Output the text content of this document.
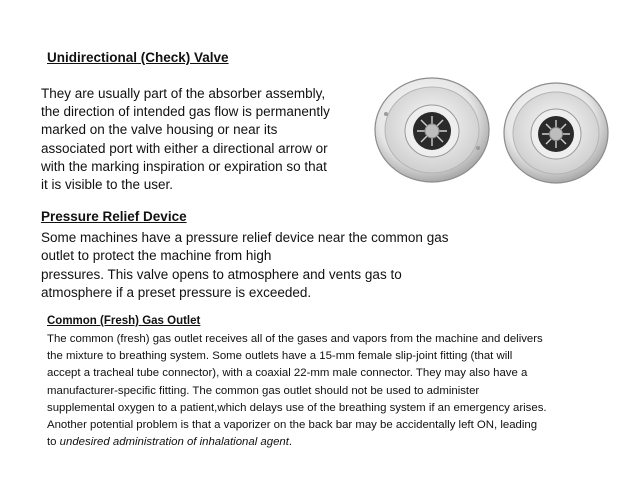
Unidirectional (Check) Valve
They are usually part of the absorber assembly,
the direction of intended gas flow is permanently
marked on the valve housing or near its
associated port with either a directional arrow or
with the marking inspiration or expiration so that
it is visible to the user.
Pressure Relief Device
Some machines have a pressure relief device near the common gas
outlet to protect the machine from high
pressures. This valve opens to atmosphere and vents gas to
atmosphere if a preset pressure is exceeded.
Common (Fresh) Gas Outlet
The common (fresh) gas outlet receives all of the gases and vapors from the machine and delivers
the mixture to breathing system. Some outlets have a 15-mm female slip-joint fitting (that will
accept a tracheal tube connector), with a coaxial 22-mm male connector. They may also have a
manufacturer-specific fitting. The common gas outlet should not be used to administer
supplemental oxygen to a patient,which delays use of the breathing system if an emergency arises.
Another potential problem is that a vaporizer on the back bar may be accidentally left ON, leading
to undesired administration of inhalational agent.
